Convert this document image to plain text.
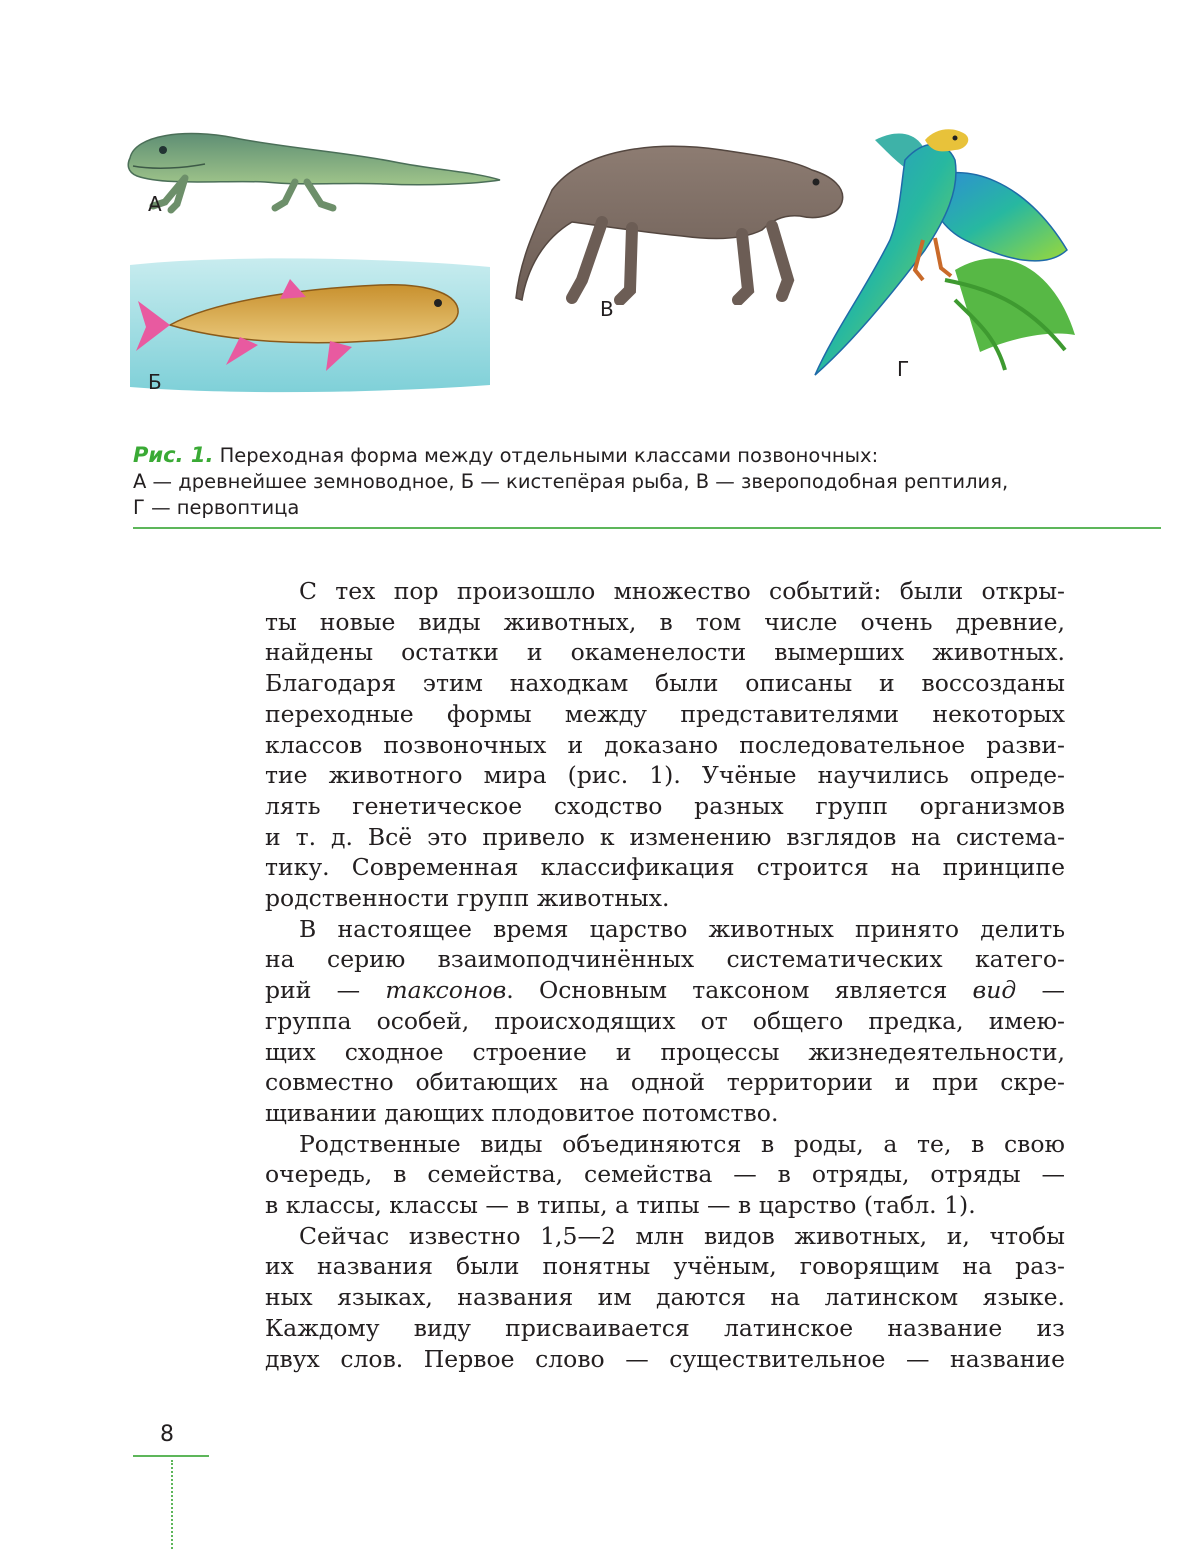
А
Б
В
Г
Рис. 1. Переходная форма между отдельными классами позвоночных:
А — древнейшее земноводное, Б — кистепёрая рыба, В — звероподобная рептилия,
Г — первоптица
С тех пор произошло множество событий: были откры-
ты новые виды животных, в том числе очень древние,
найдены остатки и окаменелости вымерших животных.
Благодаря этим находкам были описаны и воссозданы
переходные формы между представителями некоторых
классов позвоночных и доказано последовательное разви-
тие животного мира (рис. 1). Учёные научились опреде-
лять генетическое сходство разных групп организмов
и т. д. Всё это привело к изменению взглядов на система-
тику. Современная классификация строится на принципе
родственности групп животных.
В настоящее время царство животных принято делить
на серию взаимоподчинённых систематических катего-
рий — таксонов. Основным таксоном является вид —
группа особей, происходящих от общего предка, имею-
щих сходное строение и процессы жизнедеятельности,
совместно обитающих на одной территории и при скре-
щивании дающих плодовитое потомство.
Родственные виды объединяются в роды, а те, в свою
очередь, в семейства, семейства — в отряды, отряды —
в классы, классы — в типы, а типы — в царство (табл. 1).
Сейчас известно 1,5—2 млн видов животных, и, чтобы
их названия были понятны учёным, говорящим на раз-
ных языках, названия им даются на латинском языке.
Каждому виду присваивается латинское название из
двух слов. Первое слово — существительное — название
8
